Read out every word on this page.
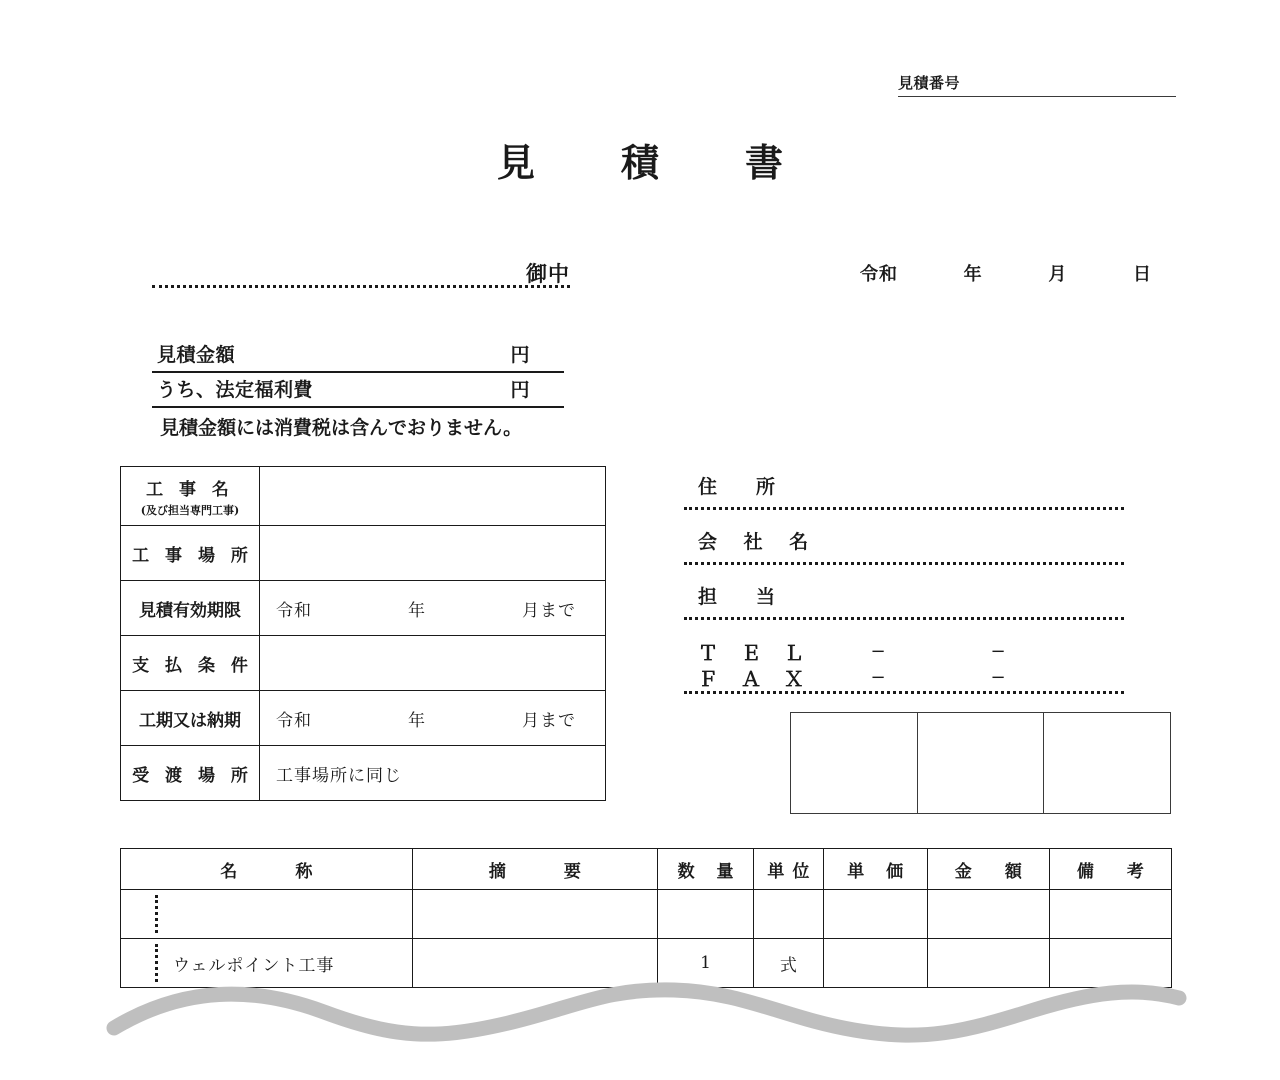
見積番号
見　積　書
御中	令和	年	月	日
見積金額	円
うち、法定福利費	円
見積金額には消費税は含んでおりません。
工 事 名
(及び担当専門工事)	

工 事 場 所	
見積有効期限	令和 年 月まで

支 払 条 件	
工期又は納期	令和 年 月まで

受 渡 場 所	工事場所に同じ
住　所
会 社 名
担　当
Ｔ Ｅ Ｌ	−	−
Ｆ Ａ Ｘ	−	−
名　　称	摘　　要	数 量	単位	単 価	金　額	備　考

ウェルポイント工事		1	式			
